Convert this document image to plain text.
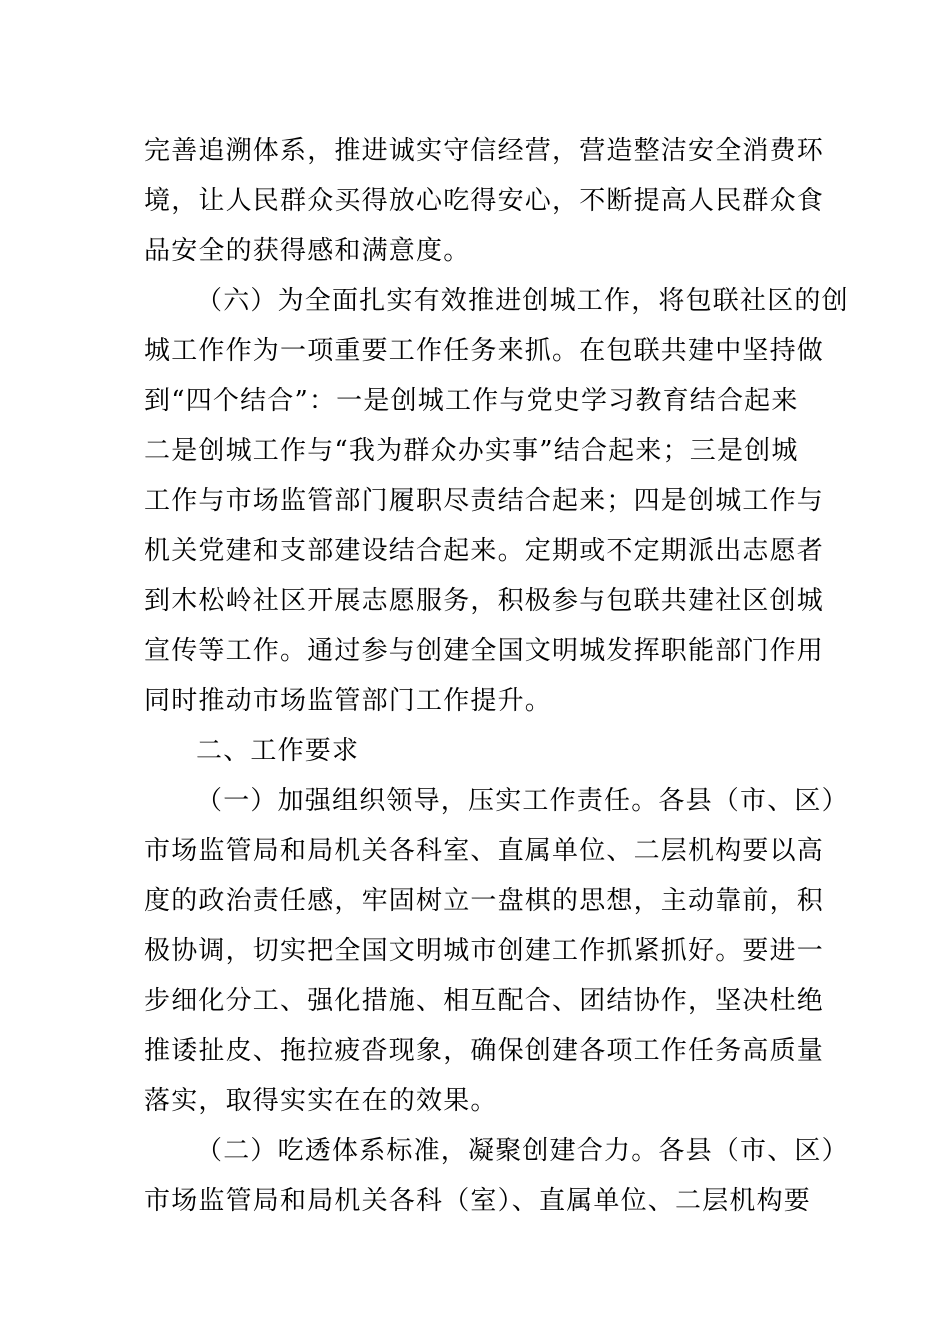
完善追溯体系，推进诚实守信经营，营造整洁安全消费环
境，让人民群众买得放心吃得安心，不断提高人民群众食
品安全的获得感和满意度。
（六）为全面扎实有效推进创城工作，将包联社区的创
城工作作为一项重要工作任务来抓。在包联共建中坚持做
到“四个结合”：一是创城工作与党史学习教育结合起来
二是创城工作与“我为群众办实事”结合起来；三是创城
工作与市场监管部门履职尽责结合起来；四是创城工作与
机关党建和支部建设结合起来。定期或不定期派出志愿者
到木松岭社区开展志愿服务，积极参与包联共建社区创城
宣传等工作。通过参与创建全国文明城发挥职能部门作用
同时推动市场监管部门工作提升。
二、工作要求
（一）加强组织领导，压实工作责任。各县（市、区）
市场监管局和局机关各科室、直属单位、二层机构要以高
度的政治责任感，牢固树立一盘棋的思想，主动靠前，积
极协调，切实把全国文明城市创建工作抓紧抓好。要进一
步细化分工、强化措施、相互配合、团结协作，坚决杜绝
推诿扯皮、拖拉疲沓现象，确保创建各项工作任务高质量
落实，取得实实在在的效果。
（二）吃透体系标准，凝聚创建合力。各县（市、区）
市场监管局和局机关各科（室）、直属单位、二层机构要
